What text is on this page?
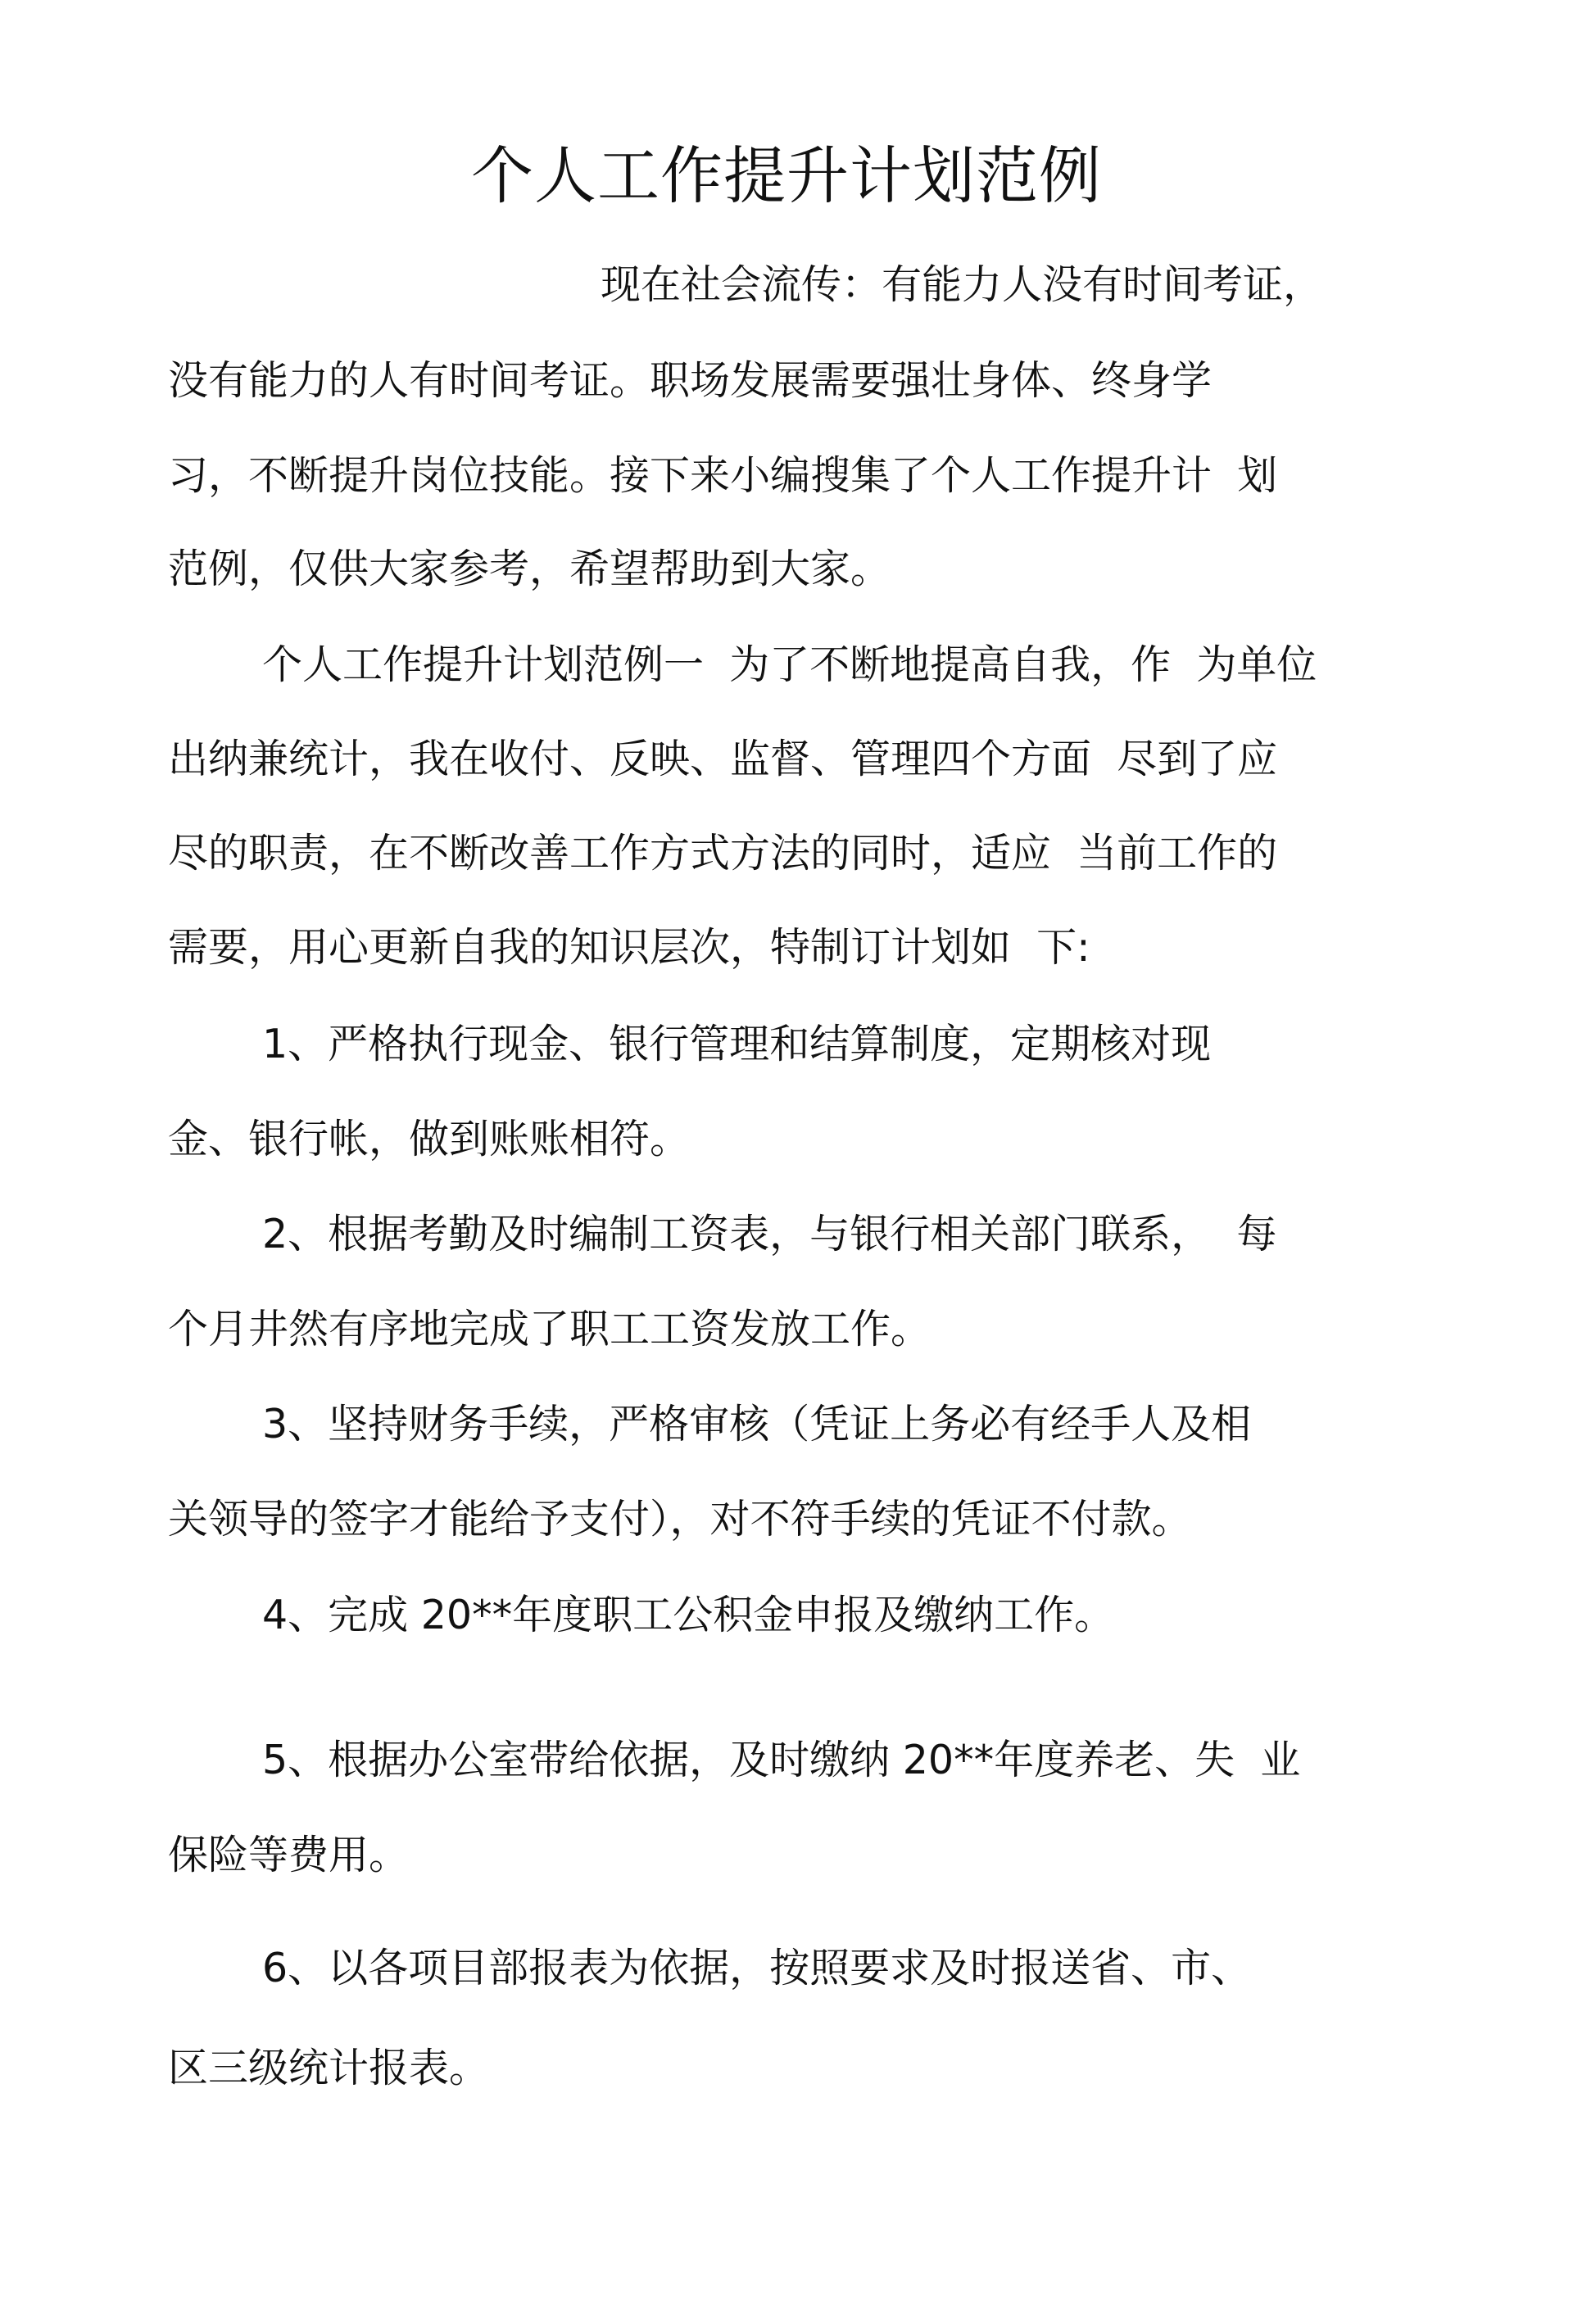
个人工作提升计划范例

现在社会流传：有能力人没有时间考证，

没有能力的人有时间考证。职场发展需要强壮身体、终身学

习，不断提升岗位技能。接下来小编搜集了个人工作提升计  划

范例，仅供大家参考，希望帮助到大家。

个人工作提升计划范例一  为了不断地提高自我，作  为单位

出纳兼统计，我在收付、反映、监督、管理四个方面  尽到了应

尽的职责，在不断改善工作方式方法的同时，适应  当前工作的

需要，用心更新自我的知识层次，特制订计划如  下:

1、严格执行现金、银行管理和结算制度，定期核对现

金、银行帐，做到账账相符。

2、根据考勤及时编制工资表，与银行相关部门联系，  每

个月井然有序地完成了职工工资发放工作。

3、坚持财务手续，严格审核（凭证上务必有经手人及相

关领导的签字才能给予支付），对不符手续的凭证不付款。

4、完成 20**年度职工公积金申报及缴纳工作。

5、根据办公室带给依据，及时缴纳 20**年度养老、失  业

保险等费用。

6、以各项目部报表为依据，按照要求及时报送省、市、

区三级统计报表。
